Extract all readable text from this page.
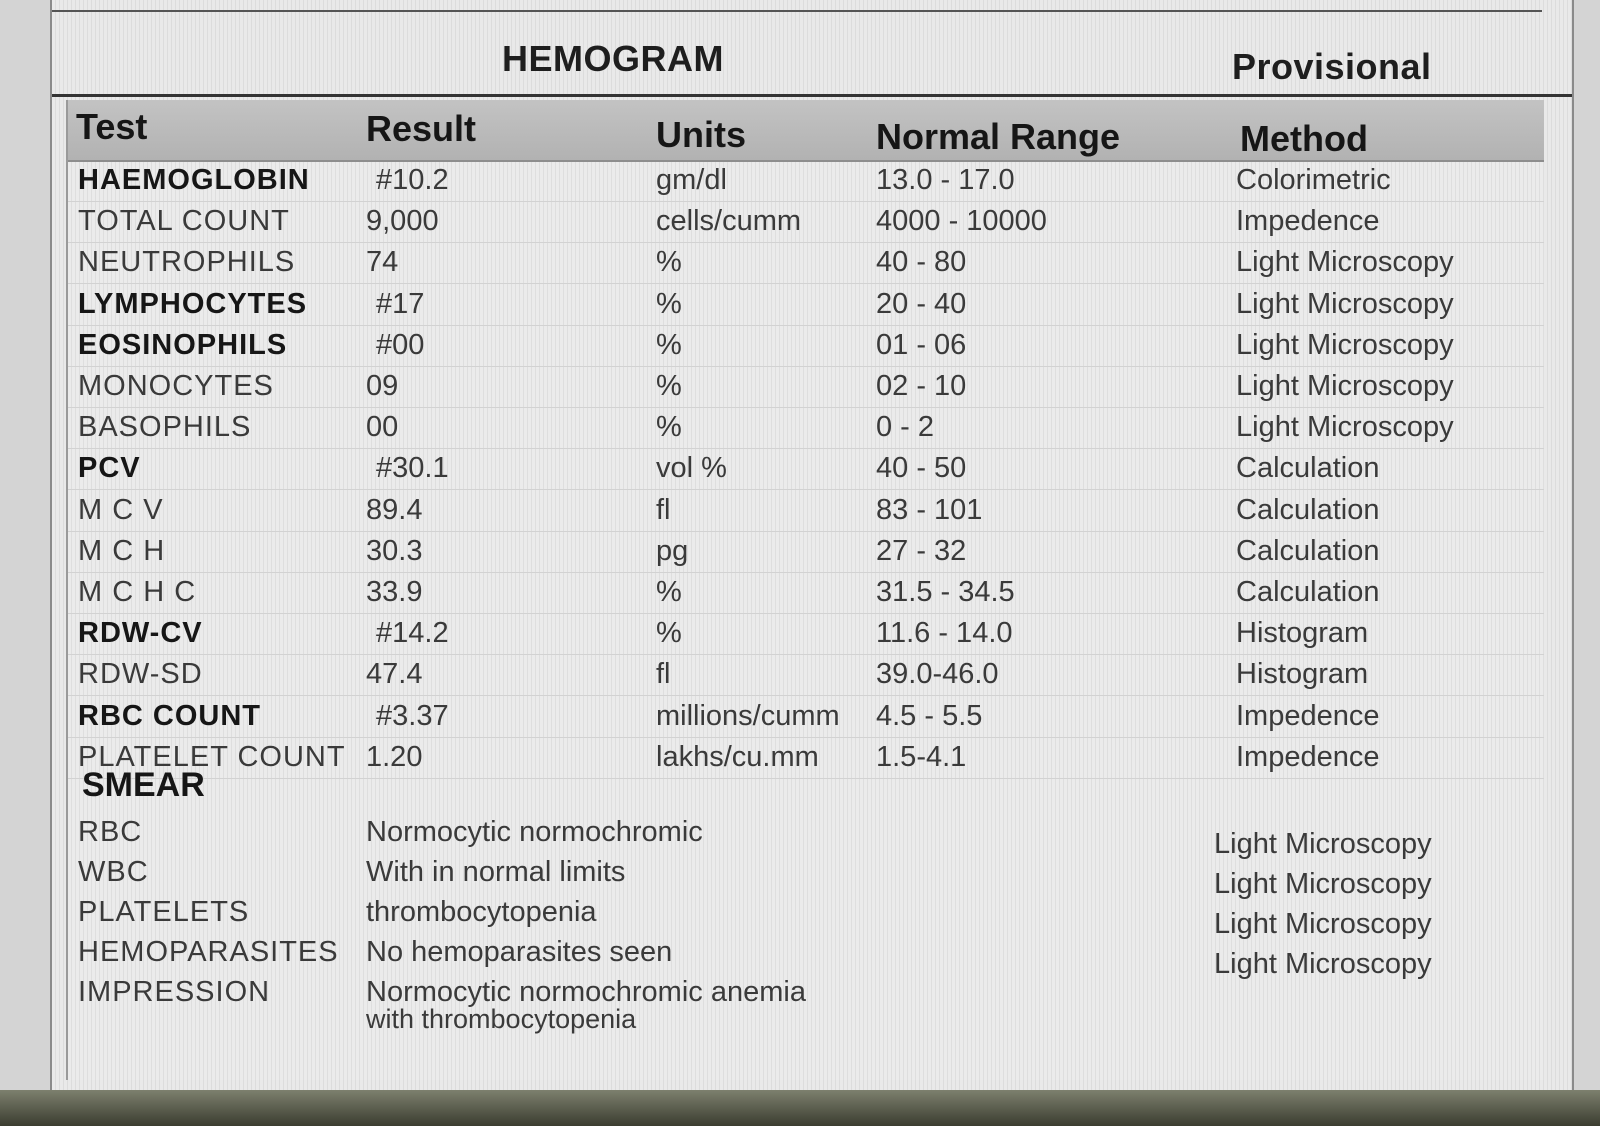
HEMOGRAM	Provisional
Test	Result	Units	Normal Range	Method
HAEMOGLOBIN #10.2	gm/dl	13.0 - 17.0	Colorimetric
TOTAL COUNT	9,000	cells/cumm	4000 - 10000	Impedence
NEUTROPHILS 74	%	40 - 80	Light Microscopy
LYMPHOCYTES #17	%	20 - 40	Light Microscopy
EOSINOPHILS	#00	%	01 - 06	Light Microscopy
MONOCYTES	09	%	02 - 10	Light Microscopy
BASOPHILS	00	%	0 - 2	Light Microscopy
PCV	#30.1	vol %	40 - 50	Calculation
M C V	89.4	fl	83 - 101	Calculation
M C H	30.3	pg	27 - 32	Calculation
M C H C	33.9	%	31.5 - 34.5	Calculation
RDW-CV	#14.2	%	11.6 - 14.0	Histogram
RDW-SD	47.4	fl	39.0-46.0	Histogram
RBC COUNT	#3.37	millions/cumm 4.5 - 5.5	Impedence
PLATELET COUNT 1.20	lakhs/cu.mm 1.5-4.1	Impedence
SMEAR
RBC	Normocytic normochromic	Light Microscopy
WBC	With in normal limits	Light Microscopy
PLATELETS	thrombocytopenia	Light Microscopy
HEMOPARASITES No hemoparasites seen	Light Microscopy
IMPRESSION	Normocytic normochromic anemia
with thrombocytopenia
